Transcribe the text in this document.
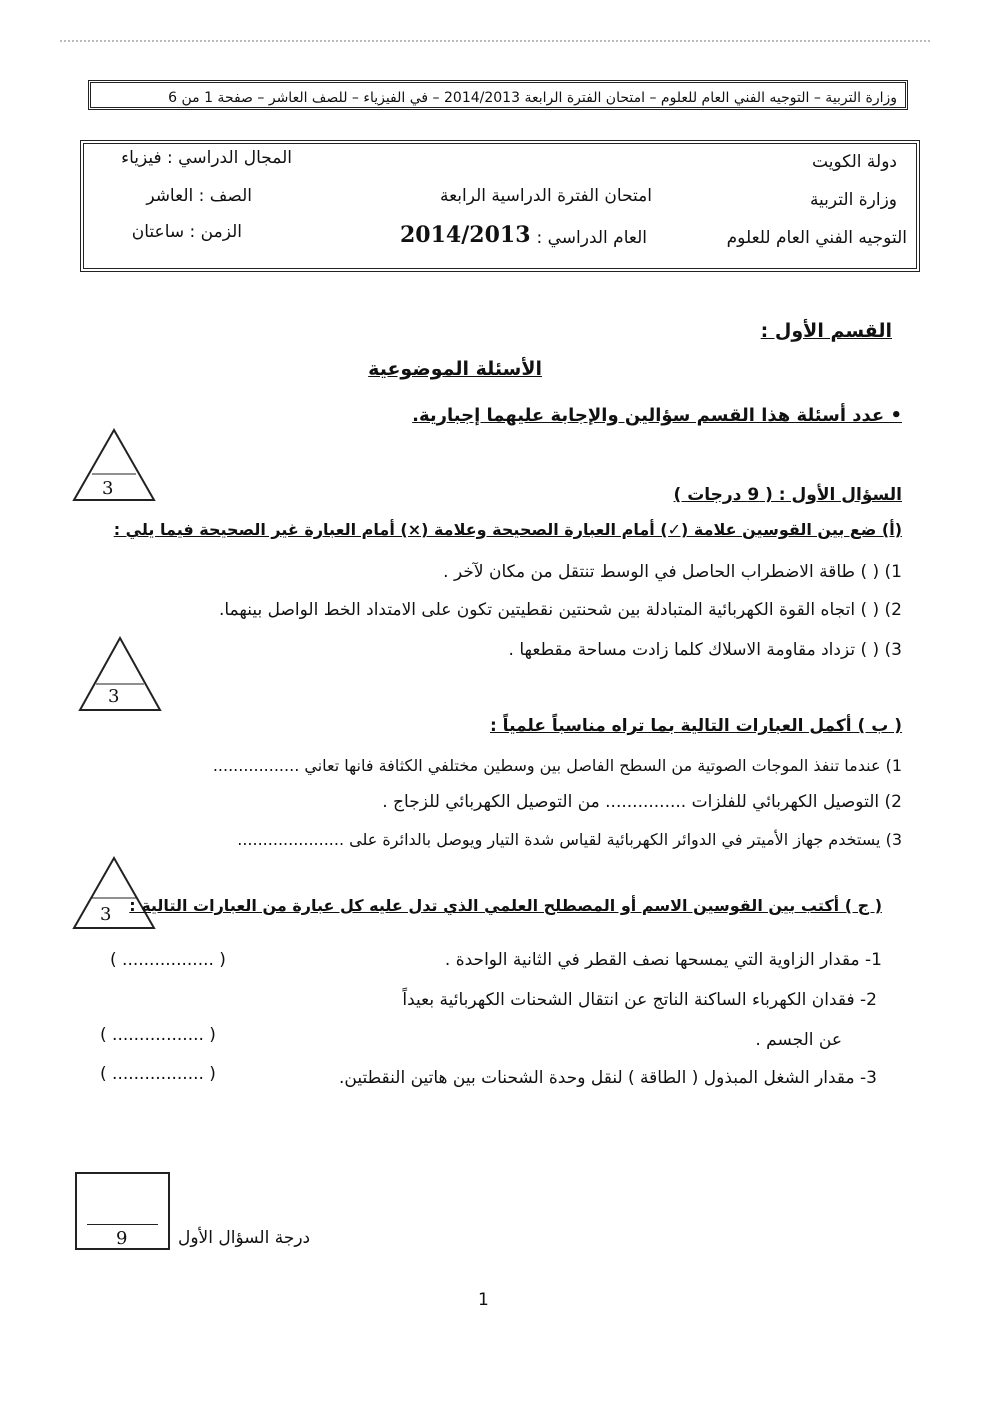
وزارة التربية – التوجيه الفني العام للعلوم – امتحان الفترة الرابعة 2014/2013 – في الفيزياء – للصف العاشر – صفحة 1 من 6
دولة الكويت
وزارة التربية
التوجيه الفني العام للعلوم
امتحان الفترة الدراسية الرابعة
العام الدراسي :
2014/2013
المجال الدراسي : فيزياء
الصف : العاشر
الزمن : ساعتان
القسم الأول :
الأسئلة الموضوعية
• عدد أسئلة هذا القسم سؤالين والإجابة عليهما إجبارية.
3	السؤال الأول : ( 9 درجات )
(أ) ضع بين القوسين علامة (✓) أمام العبارة الصحيحة وعلامة (×) أمام العبارة غير الصحيحة فيما يلي :
1) ( ) طاقة الاضطراب الحاصل في الوسط تنتقل من مكان لآخر .
2) ( ) اتجاه القوة الكهربائية المتبادلة بين شحنتين نقطيتين تكون على الامتداد الخط الواصل بينهما.
3) ( ) تزداد مقاومة الاسلاك كلما زادت مساحة مقطعها .
3
( ب ) أكمل العبارات التالية بما تراه مناسباً علمياً :
1) عندما تنفذ الموجات الصوتية من السطح الفاصل بين وسطين مختلفي الكثافة فانها تعاني .................
2) التوصيل الكهربائي للفلزات ............... من التوصيل الكهربائي للزجاج .
3) يستخدم جهاز الأميتر في الدوائر الكهربائية لقياس شدة التيار ويوصل بالدائرة على .....................
3 ( ج ) أكتب بين القوسين الاسم أو المصطلح العلمي الذي تدل عليه كل عبارة من العبارات التالية :
1- مقدار الزاوية التي يمسحها نصف القطر في الثانية الواحدة .
( ................. )
2- فقدان الكهرباء الساكنة الناتج عن انتقال الشحنات الكهربائية بعيداً
عن الجسم .
( ................. )
3- مقدار الشغل المبذول ( الطاقة ) لنقل وحدة الشحنات بين هاتين النقطتين.
( ................. )
9	درجة السؤال الأول
1
